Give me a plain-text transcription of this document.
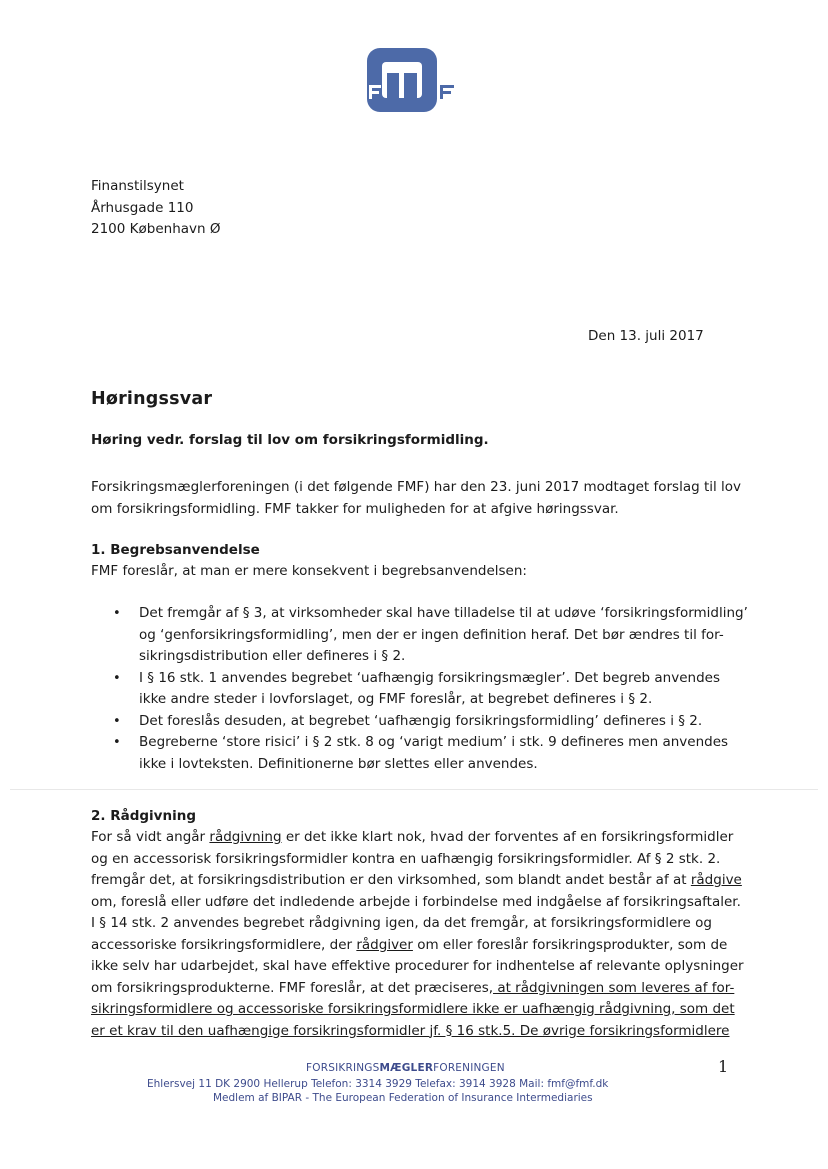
Finanstilsynet
Århusgade 110
2100 København Ø
Den 13. juli 2017
Høringssvar
Høring vedr. forslag til lov om forsikringsformidling.
Forsikringsmæglerforeningen (i det følgende FMF) har den 23. juni 2017 modtaget forslag til lov
om forsikringsformidling. FMF takker for muligheden for at afgive høringssvar.
1. Begrebsanvendelse
FMF foreslår, at man er mere konsekvent i begrebsanvendelsen:
• Det fremgår af § 3, at virksomheder skal have tilladelse til at udøve ‘forsikringsformidling’
og ‘genforsikringsformidling’, men der er ingen definition heraf. Det bør ændres til for-
sikringsdistribution eller defineres i § 2.
• I § 16 stk. 1 anvendes begrebet ‘uafhængig forsikringsmægler’. Det begreb anvendes
ikke andre steder i lovforslaget, og FMF foreslår, at begrebet defineres i § 2.
• Det foreslås desuden, at begrebet ‘uafhængig forsikringsformidling’ defineres i § 2.
• Begreberne ‘store risici’ i § 2 stk. 8 og ‘varigt medium’ i stk. 9 defineres men anvendes
ikke i lovteksten. Definitionerne bør slettes eller anvendes.
2. Rådgivning
For så vidt angår rådgivning er det ikke klart nok, hvad der forventes af en forsikringsformidler
og en accessorisk forsikringsformidler kontra en uafhængig forsikringsformidler. Af § 2 stk. 2.
fremgår det, at forsikringsdistribution er den virksomhed, som blandt andet består af at rådgive
om, foreslå eller udføre det indledende arbejde i forbindelse med indgåelse af forsikringsaftaler.
I § 14 stk. 2 anvendes begrebet rådgivning igen, da det fremgår, at forsikringsformidlere og
accessoriske forsikringsformidlere, der rådgiver om eller foreslår forsikringsprodukter, som de
ikke selv har udarbejdet, skal have effektive procedurer for indhentelse af relevante oplysninger
om forsikringsprodukterne. FMF foreslår, at det præciseres, at rådgivningen som leveres af for-
sikringsformidlere og accessoriske forsikringsformidlere ikke er uafhængig rådgivning, som det
er et krav til den uafhængige forsikringsformidler jf. § 16 stk.5. De øvrige forsikringsformidlere
FORSIKRINGSMÆGLERFORENINGEN
Ehlersvej 11 DK 2900 Hellerup Telefon: 3314 3929 Telefax: 3914 3928 Mail: fmf@fmf.dk
Medlem af BIPAR - The European Federation of Insurance Intermediaries
1
